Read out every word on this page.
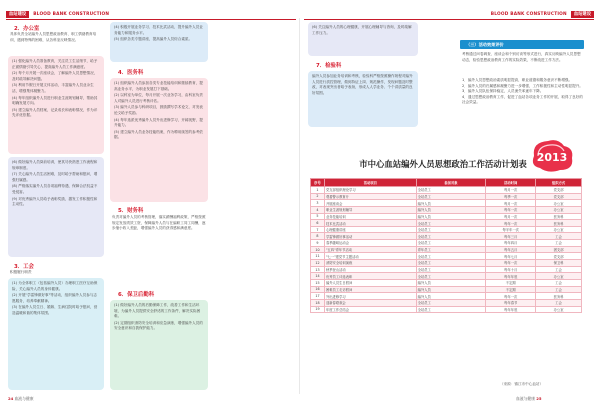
血站建设	BLOOD BANK CONSTRUCTION	BLOOD BANK CONSTRUCTION	血站建设
2．办公室
具体负责全站编外人员思想政治教育、职工情绪教育培训，遇到特殊的困难，从各科室反映情况。

(1) 强化编外人员准备教育，关注员工生活细节，给予正面情绪引导关心，提高编外人员工作满意度。

(2) 每个月开展一次座谈会，了解编外人员思想情况，及时疏导解决问题。

(3) 利用节假日开展文体活动，丰富编外人员业余生活，增强集体凝聚力。

(4) 每年组织编外人员进行职业生涯规划辅导，帮助其明确发展方向。

(5) 建立编外人员档案，记录成长和表彰情况，作为评先评优依据。

(6) 做好编外人员岗前培训，使其尽快熟悉工作流程和规章制度。

(7) 关心编外人员生活困难，及时给予帮助和慰问，增强归属感。

(8) 严格落实编外人员各项福利待遇，保障合法权益不受侵害。

(9) 对优秀编外人员给予表彰奖励，激发工作积极性和主动性。

3．工会
积极履行职责

(1) 为全体职工（包括编外人员）办理职工医疗互助保险，关心编外人员的身体健康。

(2) 开展"学雷锋做好事"等活动，组织编外人员参与志愿服务，培养奉献精神。

(3) 在编外人员生日、婚嫁、生病住院时给予慰问，营造温暖和谐的集体氛围。

(4) 积极开展业务学习、技术比武活动，提升编外人员业务能力和服务水平。

(5) 组织各类专题讲座，提高编外人员综合素质。

4．医务科

(1) 组织编外人员参加各类专业技能培训和继续教育，提高业务水平，为职业发展打下基础。

(2) 以科室为单位，每月开展一次业务学习，由科室负责人对编外人员进行考核评估。

(3) 编外人员参与科研项目，鼓励撰写学术论文，对发表论文给予奖励。

(4) 每年选派优秀编外人员外出进修学习，开阔视野，提升能力。

(5) 建立编外人员业务技能档案，作为聘用续签的参考依据。

5．财务科
负责对编外人员的考核管理，落实薪酬福利政策，严格按照规定发放绩效工资，保障编外人员与在编职工同工同酬，逐步缩小收入差距，增强编外人员的获得感和满意度。
6．保卫后勤科

(1) 做好编外人员的后勤保障工作，改善工作和生活环境，为编外人员提供安全舒适的工作条件，解决实际困难。

(2) 定期组织消防安全培训和应急演练，增强编外人员的安全意识和自我保护能力。

(6) 关注编外人员的心理健康，开展心理辅导与咨询，及时疏解工作压力。

7．检验科

编外人员参加业务培训和考核，检验科严格按照操作规程对编外人员进行质控管理，做到持证上岗、规范操作，发现问题及时整改，对表现突出者给予表扬，形成人人学业务、个个讲质量的良好氛围。

（三）活动效果评价
考核通过问卷调查、座谈会和个别访谈等形式进行，真实反映编外人员思想动态，检验思想政治教育工作的实际效果，不断改进工作方法。

1．编外人员思想政治素质明显提高，职业道德和服务意识不断增强。

2．编外人员的归属感和凝聚力进一步增强，工作积极性和主动性明显提升。

3．编外人员队伍保持稳定，人员流失率逐年下降。

4．通过思想政治教育工作，促进了血站各项业务工作的开展，取得了良好的社会效益。

2013
市中心血站编外人员思想政治工作活动计划表
序号	活动项目	参加对象	活动时间	组织方式
1	党支部组织理论学习	全站员工	每月一次	党支部
2	观看警示教育片	全站员工	每季一次	党支部
3	开展座谈会	编外人员	每月一次	办公室
4	职业生涯规划辅导	编外人员	每年一次	办公室
5	业务技能培训	编外人员	每月一次	医务科
6	技术比武活动	全站员工	每年一次	医务科
7	心理健康讲座	全站员工	每半年一次	办公室
8	学雷锋做好事活动	全站员工	每年三月	工会
9	春季趣味运动会	全站员工	每年四月	工会
10	"五四"青年节活动	青年员工	每年五月	团支部
11	"七一"建党节主题活动	全站员工	每年七月	党支部
12	消防安全培训演练	全站员工	每年一次	保卫科
13	秋季登山活动	全站员工	每年十月	工会
14	优秀员工评选表彰	全站员工	每年年底	办公室
15	编外人员生日慰问	编外人员	不定期	工会
16	困难员工走访慰问	编外人员	不定期	工会
17	外出进修学习	编外人员	每年一次	医务科
18	迎新春联欢会	全站员工	每年春节	工会
19	年度工作总结会	全站员工	每年年底	办公室
（来源：镇江市中心血站）
24 血液与健康	血液与健康 25
